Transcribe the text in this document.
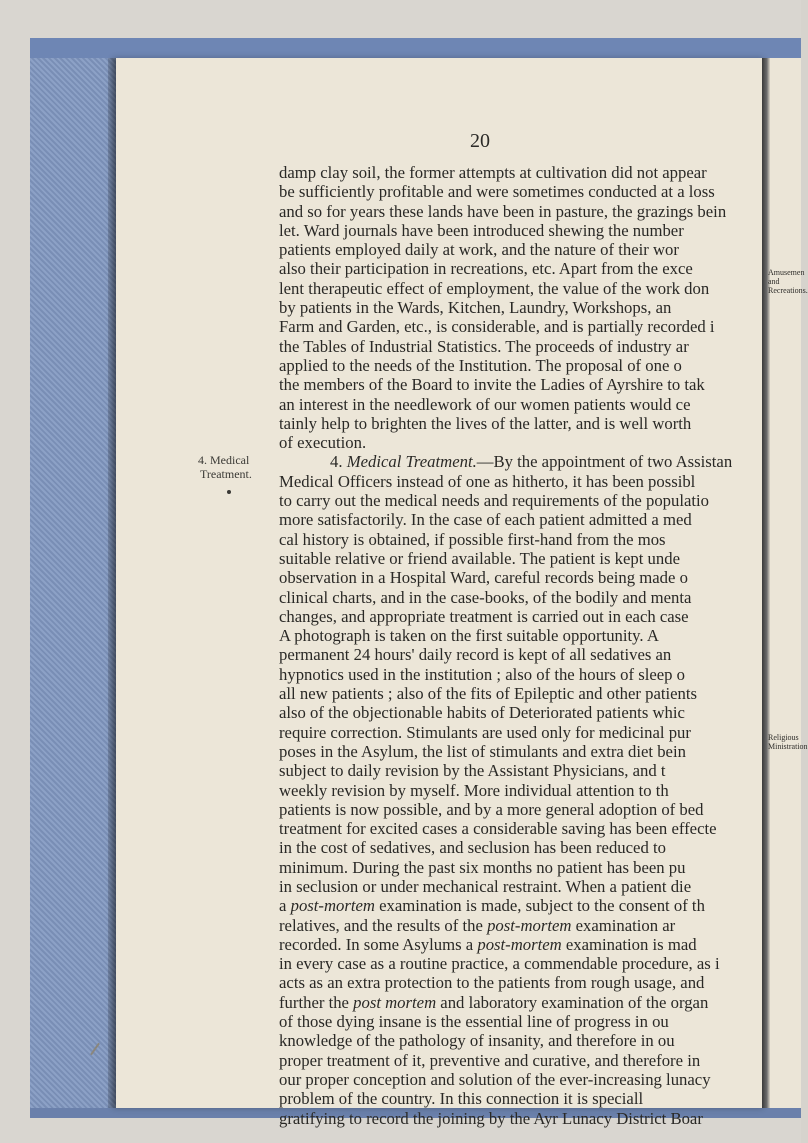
20
4. Medical
Treatment.
Amusemen
and
Recreations.
Religious
Ministration
damp clay soil, the former attempts at cultivation did not appear
be sufficiently profitable and were sometimes conducted at a loss
and so for years these lands have been in pasture, the grazings bein
let. Ward journals have been introduced shewing the number
patients employed daily at work, and the nature of their wor
also their participation in recreations, etc. Apart from the exce
lent therapeutic effect of employment, the value of the work don
by patients in the Wards, Kitchen, Laundry, Workshops, an
Farm and Garden, etc., is considerable, and is partially recorded i
the Tables of Industrial Statistics. The proceeds of industry ar
applied to the needs of the Institution. The proposal of one o
the members of the Board to invite the Ladies of Ayrshire to tak
an interest in the needlework of our women patients would ce
tainly help to brighten the lives of the latter, and is well worth
of execution.
4. Medical Treatment.—By the appointment of two Assistan
Medical Officers instead of one as hitherto, it has been possibl
to carry out the medical needs and requirements of the populatio
more satisfactorily. In the case of each patient admitted a med
cal history is obtained, if possible first-hand from the mos
suitable relative or friend available. The patient is kept unde
observation in a Hospital Ward, careful records being made o
clinical charts, and in the case-books, of the bodily and menta
changes, and appropriate treatment is carried out in each case
A photograph is taken on the first suitable opportunity. A
permanent 24 hours' daily record is kept of all sedatives an
hypnotics used in the institution ; also of the hours of sleep o
all new patients ; also of the fits of Epileptic and other patients
also of the objectionable habits of Deteriorated patients whic
require correction. Stimulants are used only for medicinal pur
poses in the Asylum, the list of stimulants and extra diet bein
subject to daily revision by the Assistant Physicians, and t
weekly revision by myself. More individual attention to th
patients is now possible, and by a more general adoption of bed
treatment for excited cases a considerable saving has been effecte
in the cost of sedatives, and seclusion has been reduced to
minimum. During the past six months no patient has been pu
in seclusion or under mechanical restraint. When a patient die
a post-mortem examination is made, subject to the consent of th
relatives, and the results of the post-mortem examination ar
recorded. In some Asylums a post-mortem examination is mad
in every case as a routine practice, a commendable procedure, as i
acts as an extra protection to the patients from rough usage, and
further the post mortem and laboratory examination of the organ
of those dying insane is the essential line of progress in ou
knowledge of the pathology of insanity, and therefore in ou
proper treatment of it, preventive and curative, and therefore in
our proper conception and solution of the ever-increasing lunacy
problem of the country. In this connection it is speciall
gratifying to record the joining by the Ayr Lunacy District Boar
